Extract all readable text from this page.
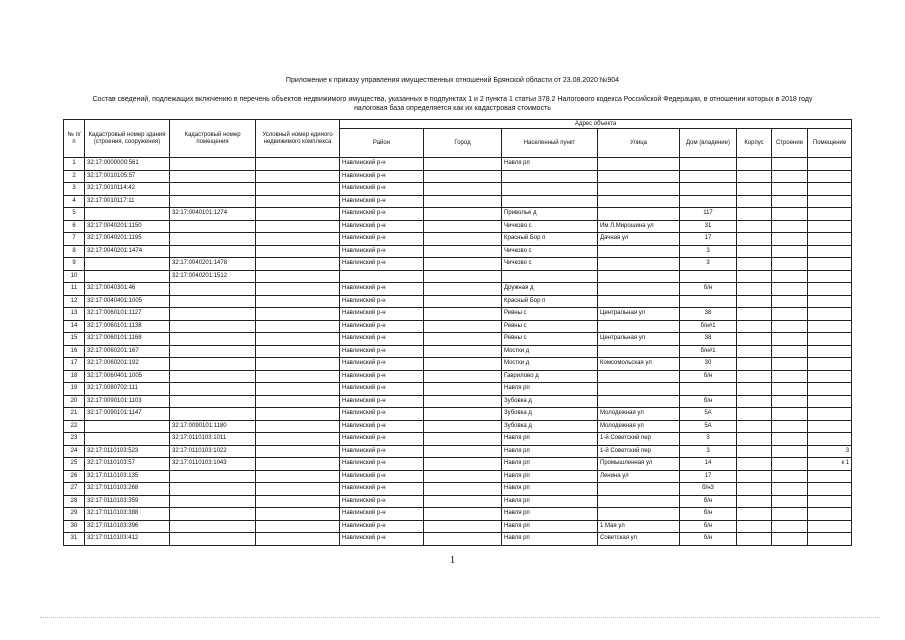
Приложение к приказу управления имущественных отношений Брянской области от 23.08.2020 №904
Состав сведений, подлежащих включению в перечень объектов недвижимого имущества, указанных в подпунктах 1 и 2 пункта 1 статьи 378.2 Налогового кодекса Российской Федерации, в отношении которых в 2018 году
налоговая база определяется как их кадастровая стоимость
№ п/п	Кадастровый номер здания (строения, сооружения)	Кадастровый номер помещения	Условный номер единого недвижимого комплекса	Адрес объекта							
				Район	Город	Населенный пункт	Улица	Дом (владение)	Корпус	Строение	Помещение
1	32:17:0000000:561			Навлинский р-н		Навля рп					
2	32:17:0010105:57			Навлинский р-н							
3	32:17:0010114:42			Навлинский р-н							
4	32:17:0010117:11			Навлинский р-н							
5		32:17:0040101:1274		Навлинский р-н		Приволье д		117			
6	32:17:0040201:1150			Навлинский р-н		Чичково с	Им Л.Мирошина ул	31			
7	32:17:0040201:1195			Навлинский р-н		Красный Бор п	Дачная ул	17			
8	32:17:0040201:1474			Навлинский р-н		Чичково с		3			
9		32:17:0040201:1478		Навлинский р-н		Чичково с		3			
10		32:17:0040201:1512									
11	32:17:0040301:46			Навлинский р-н		Дружная д		б/н			
12	32:17:0040401:1005			Навлинский р-н		Красный Бор п					
13	32:17:0060101:1127			Навлинский р-н		Ревны с	Центральная ул	38			
14	32:17:0060101:1138			Навлинский р-н		Ревны с		б/н#1			
15	32:17:0060101:1168			Навлинский р-н		Ревны с	Центральная ул	38			
16	32:17:0060201:167			Навлинский р-н		Мостки д		б/н#1			
17	32:17:0060201:192			Навлинский р-н		Мостки д	Комсомольская ул	30			
18	32:17:0060401:1005			Навлинский р-н		Гавриловo д		б/н			
19	32:17:0080702:111			Навлинский р-н		Навля рп					
20	32:17:0090101:1103			Навлинский р-н		Зубовка д		б/н			
21	32:17:0090101:1147			Навлинский р-н		Зубовка д	Молодежная ул	5А			
22		32:17:0090101:1180		Навлинский р-н		Зубовка д	Молодежная ул	5А			
23		32:17:0110103:1011		Навлинский р-н		Навля рп	1-й Советский пер	3			
24	32:17:0110103:523	32:17:0110103:1022		Навлинский р-н		Навля рп	1-й Советский пер	3			3
25	32:17:0110103:57	32:17:0110103:1043		Навлинский р-н		Навля рп	Промышленная ул	14			к 1
26	32:17:0110103:135			Навлинский р-н		Навля рп	Ленина ул	17			
27	32:17:0110103:268			Навлинский р-н		Навля рп		б/н3			
28	32:17:0110103:359			Навлинский р-н		Навля рп		б/н			
29	32:17:0110103:388			Навлинский р-н		Навля рп		б/н			
30	32:17:0110103:396			Навлинский р-н		Навля рп	1 Мая ул	б/н			
31	32:17:0110103:412			Навлинский р-н		Навля рп	Советская ул	б/н			
1
